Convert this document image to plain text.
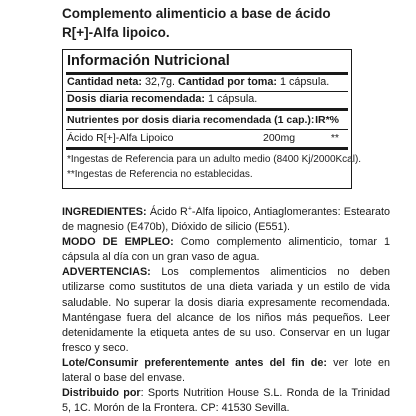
Complemento alimenticio a base de ácido
R[+]-Alfa lipoico.
Información Nutricional
Cantidad neta: 32,7g. Cantidad por toma: 1 cápsula.
Dosis diaria recomendada: 1 cápsula.
Nutrientes por dosis diaria recomendada (1 cap.): IR*%
Ácido R[+]-Alfa Lipoico	200mg	**
*Ingestas de Referencia para un adulto medio (8400 Kj/2000Kcal).
**Ingestas de Referencia no establecidas.

INGREDIENTES: Ácido R+-Alfa lipoico, Antiaglomerantes: Estearato de magnesio (E470b), Dióxido de silicio (E551).

MODO DE EMPLEO: Como complemento alimenticio, tomar 1 cápsula al día con un gran vaso de agua.

ADVERTENCIAS: Los complementos alimenticios no deben utilizarse como sustitutos de una dieta variada y un estilo de vida saludable. No superar la dosis diaria expresamente recomendada. Manténgase fuera del alcance de los niños más pequeños. Leer detenidamente la etiqueta antes de su uso. Conservar en un lugar fresco y seco.

Lote/Consumir preferentemente antes del fin de: ver lote en lateral o base del envase.

Distribuido por: Sports Nutrition House S.L. Ronda de la Trinidad 5, 1C. Morón de la Frontera. CP: 41530 Sevilla.
